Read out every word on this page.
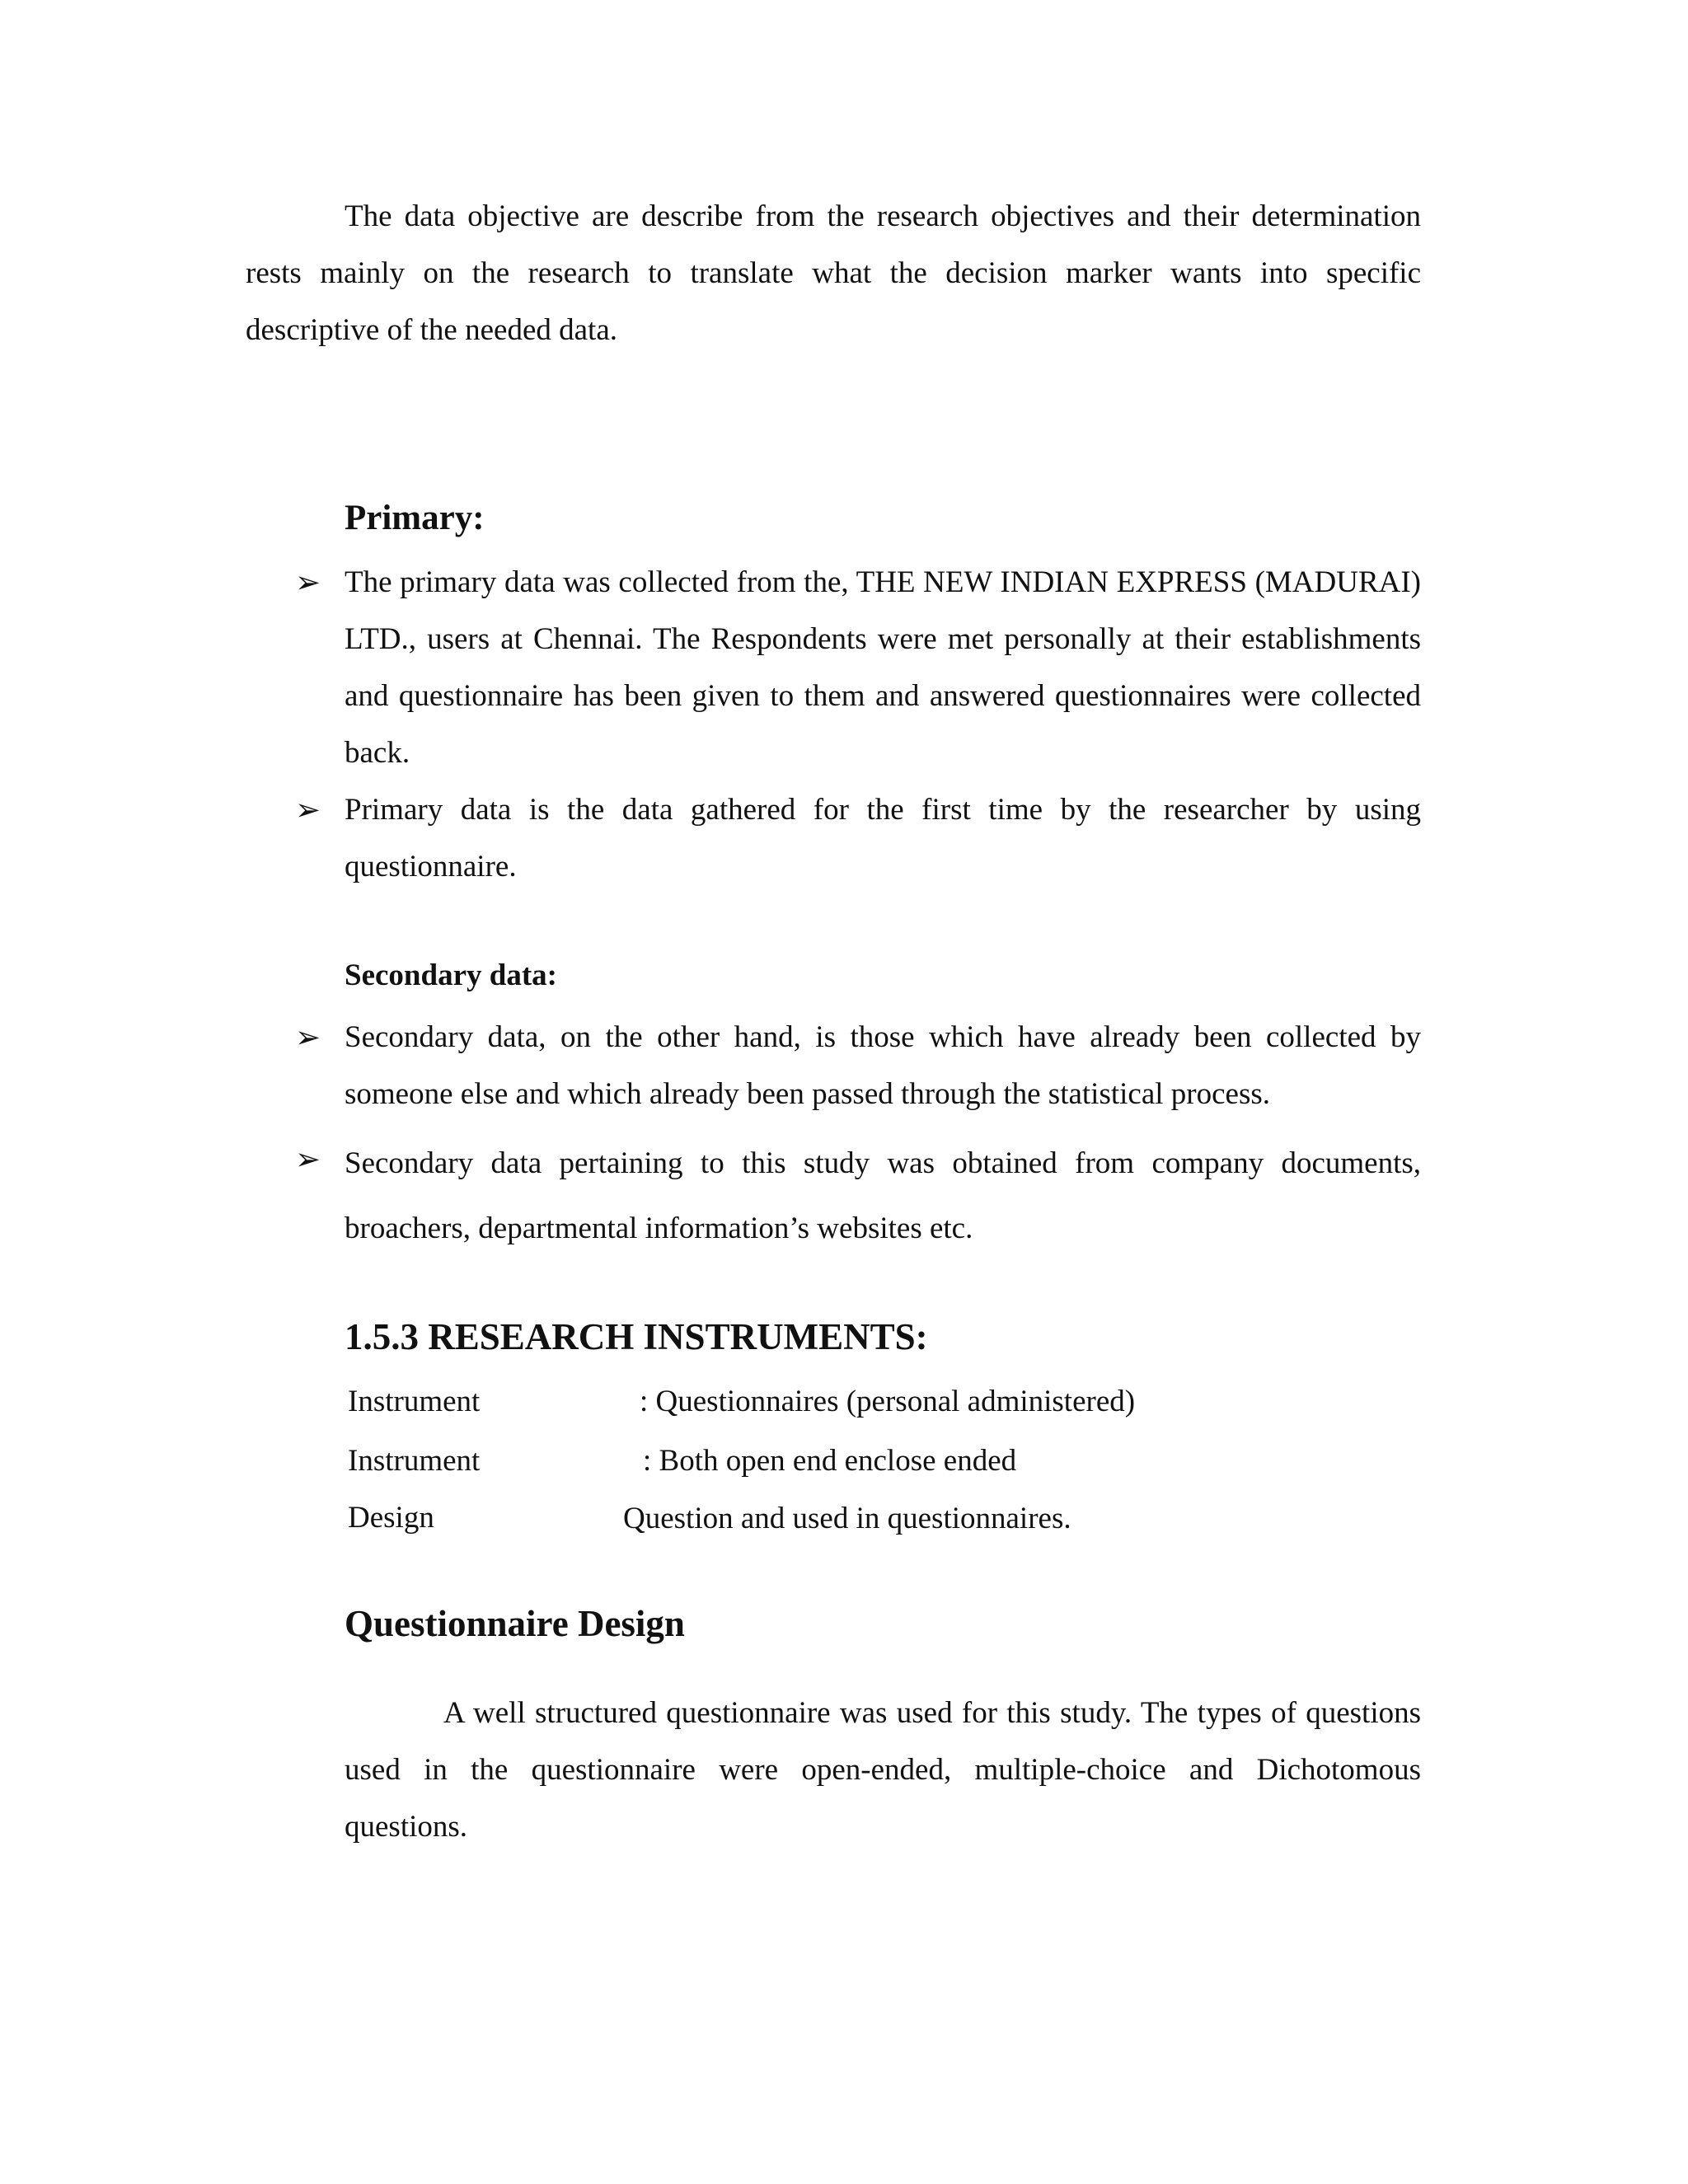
The data objective are describe from the research objectives and their determination rests mainly on the research to translate what the decision marker wants into specific descriptive of the needed data.

Primary:
➢ The primary data was collected from the, THE NEW INDIAN EXPRESS (MADURAI) LTD., users at Chennai. The Respondents were met personally at their establishments and questionnaire has been given to them and answered questionnaires were collected back.
➢ Primary data is the data gathered for the first time by the researcher by using questionnaire.
Secondary data:
➢ Secondary data, on the other hand, is those which have already been collected by someone else and which already been passed through the statistical process.
➢ Secondary data pertaining to this study was obtained from company documents, broachers, departmental information’s websites etc.
1.5.3 RESEARCH INSTRUMENTS:
Instrument	: Questionnaires (personal administered)
Instrument Design
: Both open end enclose ended
Question and used in questionnaires.
Questionnaire Design

A well structured questionnaire was used for this study. The types of questions used in the questionnaire were open-ended, multiple-choice and Dichotomous questions.
